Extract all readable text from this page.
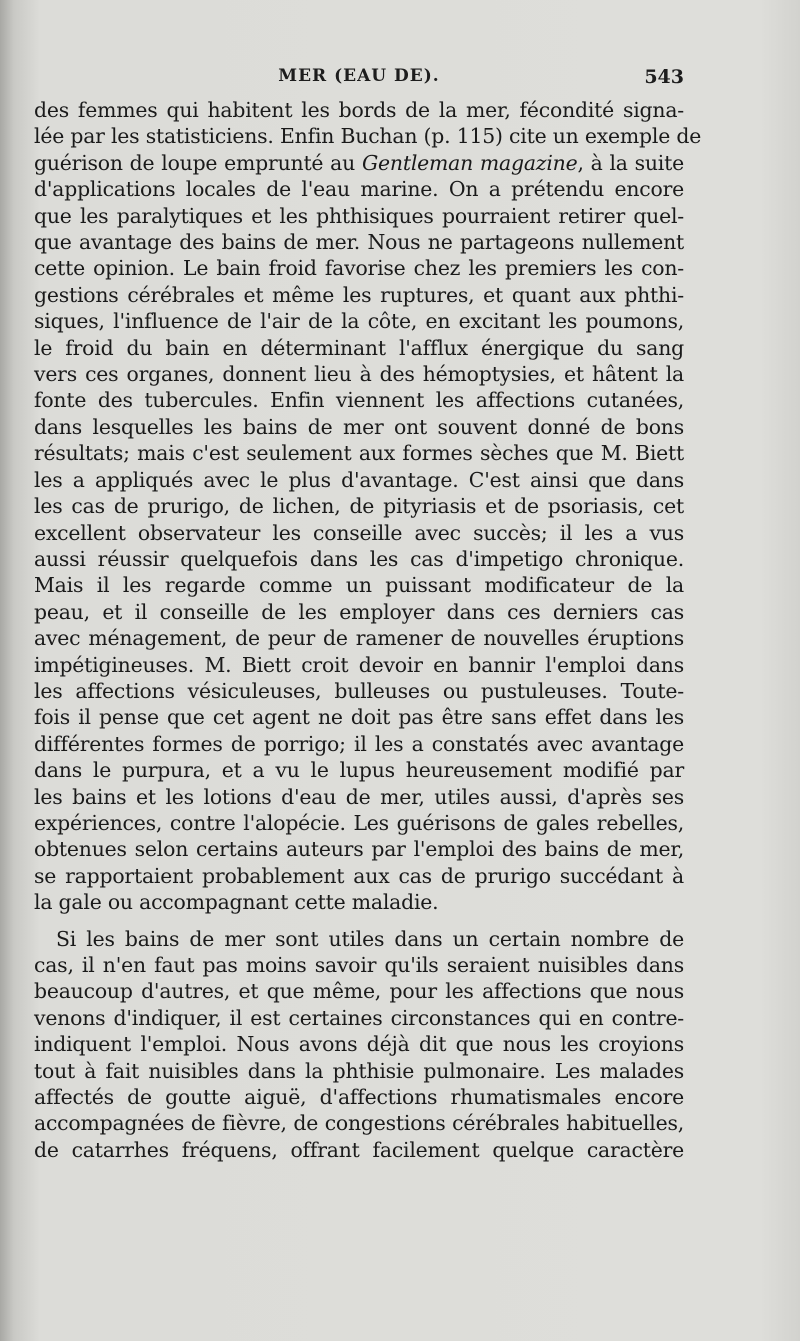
MER (EAU DE).	543
des femmes qui habitent les bords de la mer, fécondité signa-
lée par les statisticiens. Enfin Buchan (p. 115) cite un exemple de
guérison de loupe emprunté au Gentleman magazine, à la suite
d'applications locales de l'eau marine. On a prétendu encore
que les paralytiques et les phthisiques pourraient retirer quel-
que avantage des bains de mer. Nous ne partageons nullement
cette opinion. Le bain froid favorise chez les premiers les con-
gestions cérébrales et même les ruptures, et quant aux phthi-
siques, l'influence de l'air de la côte, en excitant les poumons,
le froid du bain en déterminant l'afflux énergique du sang
vers ces organes, donnent lieu à des hémoptysies, et hâtent la
fonte des tubercules. Enfin viennent les affections cutanées,
dans lesquelles les bains de mer ont souvent donné de bons
résultats; mais c'est seulement aux formes sèches que M. Biett
les a appliqués avec le plus d'avantage. C'est ainsi que dans
les cas de prurigo, de lichen, de pityriasis et de psoriasis, cet
excellent observateur les conseille avec succès; il les a vus
aussi réussir quelquefois dans les cas d'impetigo chronique.
Mais il les regarde comme un puissant modificateur de la
peau, et il conseille de les employer dans ces derniers cas
avec ménagement, de peur de ramener de nouvelles éruptions
impétigineuses. M. Biett croit devoir en bannir l'emploi dans
les affections vésiculeuses, bulleuses ou pustuleuses. Toute-
fois il pense que cet agent ne doit pas être sans effet dans les
différentes formes de porrigo; il les a constatés avec avantage
dans le purpura, et a vu le lupus heureusement modifié par
les bains et les lotions d'eau de mer, utiles aussi, d'après ses
expériences, contre l'alopécie. Les guérisons de gales rebelles,
obtenues selon certains auteurs par l'emploi des bains de mer,
se rapportaient probablement aux cas de prurigo succédant à
la gale ou accompagnant cette maladie.
Si les bains de mer sont utiles dans un certain nombre de
cas, il n'en faut pas moins savoir qu'ils seraient nuisibles dans
beaucoup d'autres, et que même, pour les affections que nous
venons d'indiquer, il est certaines circonstances qui en contre-
indiquent l'emploi. Nous avons déjà dit que nous les croyions
tout à fait nuisibles dans la phthisie pulmonaire. Les malades
affectés de goutte aiguë, d'affections rhumatismales encore
accompagnées de fièvre, de congestions cérébrales habituelles,
de catarrhes fréquens, offrant facilement quelque caractère
